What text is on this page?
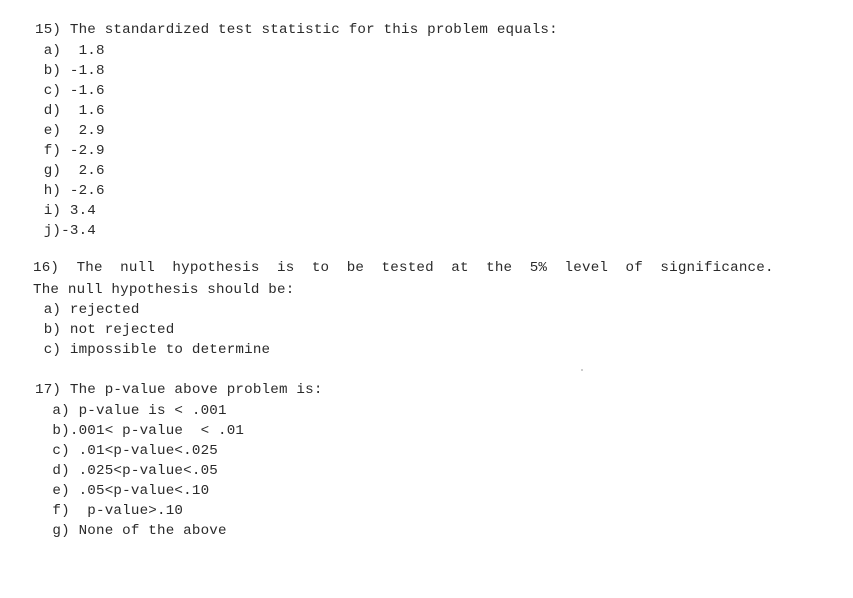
15) The standardized test statistic for this problem equals:
a)  1.8
b) -1.8
c) -1.6
d)  1.6
e)  2.9
f) -2.9
g)  2.6
h) -2.6
i) 3.4
j)-3.4
16)  The  null  hypothesis  is  to  be  tested  at  the  5%  level  of  significance.
The null hypothesis should be:
a) rejected
b) not rejected
c) impossible to determine
17) The p-value above problem is:
a) p-value is < .001
b).001< p-value  < .01
c) .01<p-value<.025
d) .025<p-value<.05
e) .05<p-value<.10
f)  p-value>.10
g) None of the above
